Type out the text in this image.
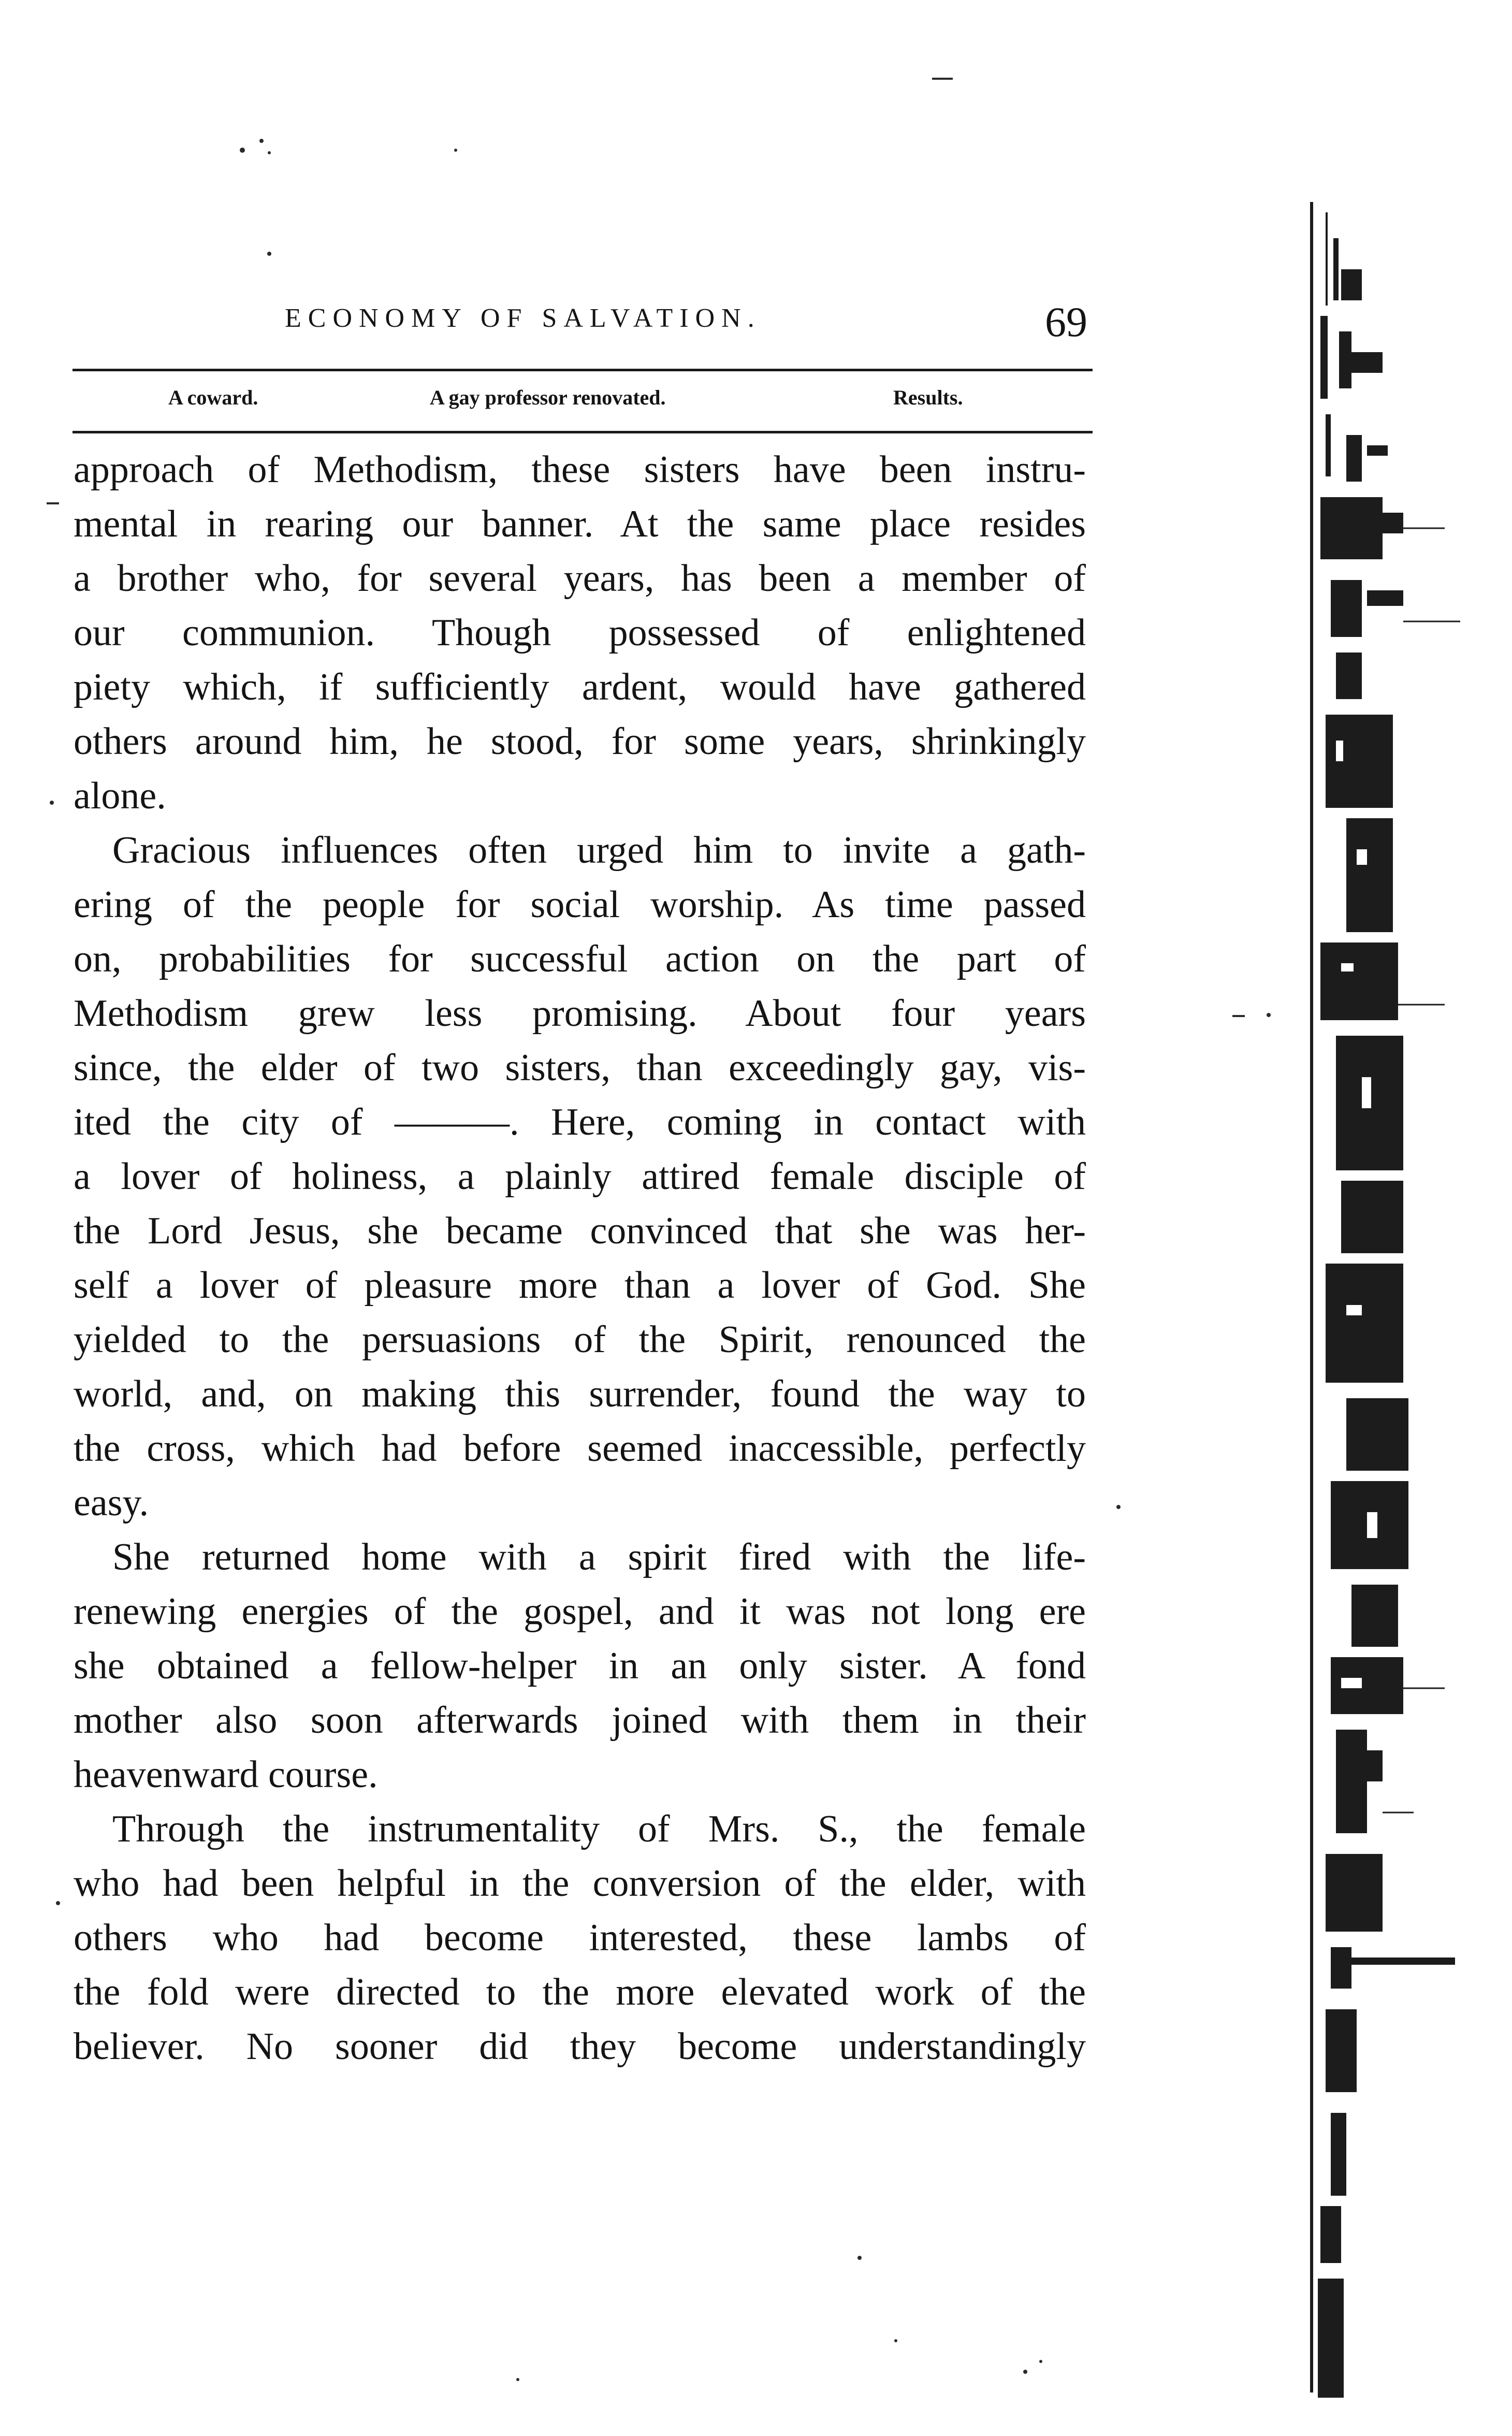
ECONOMY OF SALVATION.	69
A coward.	A gay professor renovated.	Results.
approach of Methodism, these sisters have been instru-
mental in rearing our banner. At the same place resides
a brother who, for several years, has been a member of
our communion. Though possessed of enlightened
piety which, if sufficiently ardent, would have gathered
others around him, he stood, for some years, shrinkingly
alone.
Gracious influences often urged him to invite a gath-
ering of the people for social worship. As time passed
on, probabilities for successful action on the part of
Methodism grew less promising. About four years
since, the elder of two sisters, than exceedingly gay, vis-
ited the city of ———. Here, coming in contact with
a lover of holiness, a plainly attired female disciple of
the Lord Jesus, she became convinced that she was her-
self a lover of pleasure more than a lover of God. She
yielded to the persuasions of the Spirit, renounced the
world, and, on making this surrender, found the way to
the cross, which had before seemed inaccessible, perfectly
easy.
She returned home with a spirit fired with the life-
renewing energies of the gospel, and it was not long ere
she obtained a fellow-helper in an only sister. A fond
mother also soon afterwards joined with them in their
heavenward course.
Through the instrumentality of Mrs. S., the female
who had been helpful in the conversion of the elder, with
others who had become interested, these lambs of
the fold were directed to the more elevated work of the
believer. No sooner did they become understandingly
